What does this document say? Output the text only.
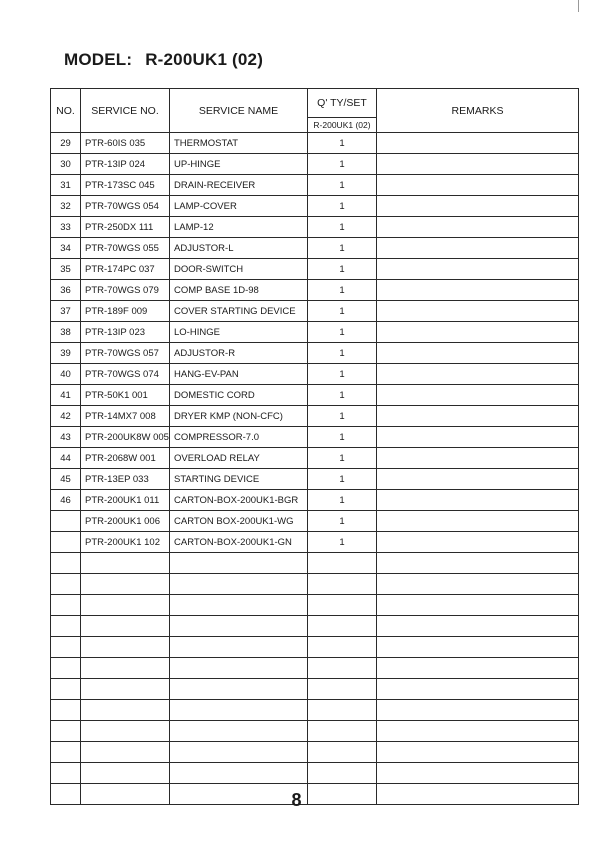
MODEL: R-200UK1 (02)
NO.	SERVICE NO.	SERVICE NAME	Q' TY/SET	REMARKS
			R-200UK1 (02)	
29	PTR-60IS 035	THERMOSTAT	1	
30	PTR-13IP 024	UP-HINGE	1	
31	PTR-173SC 045	DRAIN-RECEIVER	1	
32	PTR-70WGS 054	LAMP-COVER	1	
33	PTR-250DX 111	LAMP-12	1	
34	PTR-70WGS 055	ADJUSTOR-L	1	
35	PTR-174PC 037	DOOR-SWITCH	1	
36	PTR-70WGS 079	COMP BASE 1D-98	1	
37	PTR-189F 009	COVER STARTING DEVICE	1	
38	PTR-13IP 023	LO-HINGE	1	
39	PTR-70WGS 057	ADJUSTOR-R	1	
40	PTR-70WGS 074	HANG-EV-PAN	1	
41	PTR-50K1 001	DOMESTIC CORD	1	
42	PTR-14MX7 008	DRYER KMP (NON-CFC)	1	
43	PTR-200UK8W 005	COMPRESSOR-7.0	1	
44	PTR-2068W 001	OVERLOAD RELAY	1	
45	PTR-13EP 033	STARTING DEVICE	1	
46	PTR-200UK1 011	CARTON-BOX-200UK1-BGR	1	
	PTR-200UK1 006	CARTON BOX-200UK1-WG	1	
	PTR-200UK1 102	CARTON-BOX-200UK1-GN	1	

8
